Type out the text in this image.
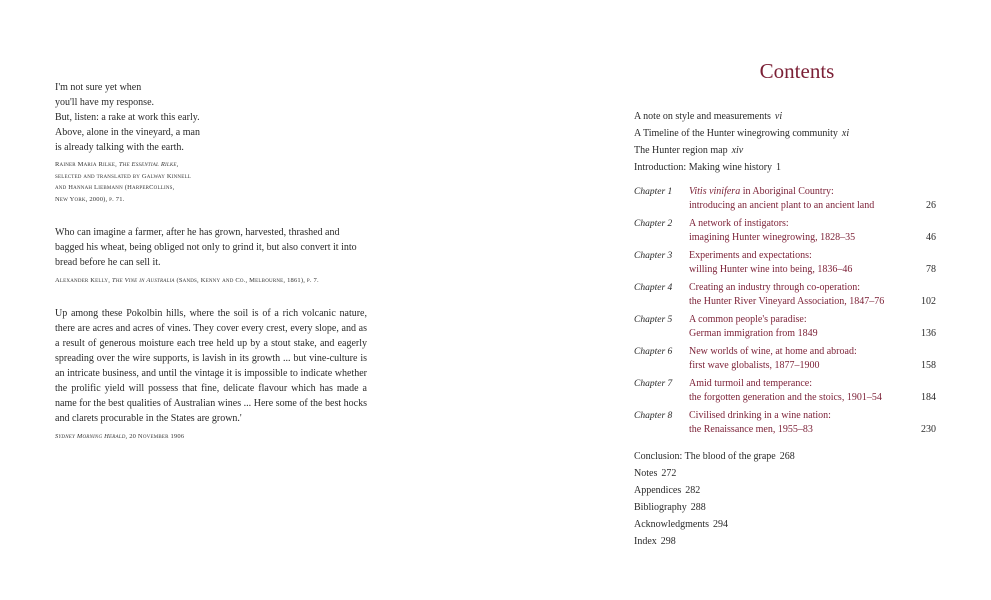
I'm not sure yet when
you'll have my response.
But, listen: a rake at work this early.
Above, alone in the vineyard, a man
is already talking with the earth.
Rainer Maria Rilke, The Essential Rilke,
selected and translated by Galway Kinnell
and Hannah Liebmann (HarperCollins,
New York, 2000), p. 71.
Who can imagine a farmer, after he has grown, harvested, thrashed and bagged his wheat, being obliged not only to grind it, but also convert it into bread before he can sell it.
Alexander Kelly, The Vine in Australia (Sands, Kenny and Co., Melbourne, 1861), p. 7.
Up among these Pokolbin hills, where the soil is of a rich volcanic nature, there are acres and acres of vines. They cover every crest, every slope, and as a result of generous moisture each tree held up by a stout stake, and eagerly spreading over the wire supports, is lavish in its growth ... but vine-culture is an intricate business, and until the vintage it is impossible to indicate whether the prolific yield will possess that fine, delicate flavour which has made a name for the best qualities of Australian wines ... Here some of the best hocks and clarets procurable in the States are grown.'
Sydney Morning Herald, 20 November 1906
Contents
A note on style and measurements vi
A Timeline of the Hunter winegrowing community xi
The Hunter region map xiv
Introduction: Making wine history 1
Chapter 1	Vitis vinifera in Aboriginal Country:
introducing an ancient plant to an ancient land	26
Chapter 2	A network of instigators:
imagining Hunter winegrowing, 1828–35	46
Chapter 3	Experiments and expectations:
willing Hunter wine into being, 1836–46	78
Chapter 4	Creating an industry through co-operation:
the Hunter River Vineyard Association, 1847–76	102
Chapter 5	A common people's paradise:
German immigration from 1849	136
Chapter 6	New worlds of wine, at home and abroad:
first wave globalists, 1877–1900	158
Chapter 7	Amid turmoil and temperance:
the forgotten generation and the stoics, 1901–54	184
Chapter 8	Civilised drinking in a wine nation:
the Renaissance men, 1955–83	230
Conclusion: The blood of the grape 268
Notes 272
Appendices 282
Bibliography 288
Acknowledgments 294
Index 298
